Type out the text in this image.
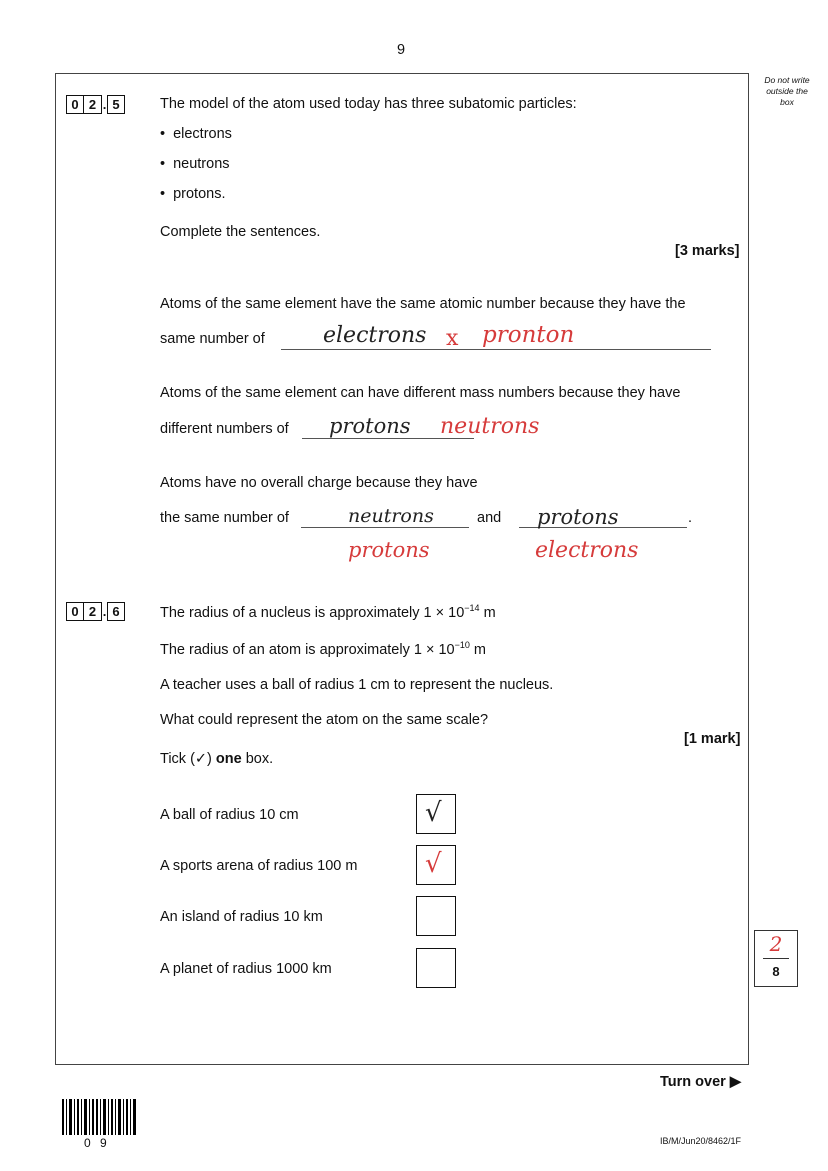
9
Do not write
outside the
box
0 2 . 5	The model of the atom used today has three subatomic particles:
• electrons
• neutrons
• protons.
Complete the sentences.
[3 marks]
Atoms of the same element have the same atomic number because they have the
same number of	electrons x pronton
Atoms of the same element can have different mass numbers because they have
different numbers of protons neutrons
Atoms have no overall charge because they have
the same number of	neutrons	and protons	.
protons	electrons
0 2 . 6	The radius of a nucleus is approximately $1 \times 10^{-14}$ m
The radius of an atom is approximately $1 \times 10^{-10}$ m
A teacher uses a ball of radius 1 cm to represent the nucleus.
What could represent the atom on the same scale?
[1 mark]
Tick (✓) one box.
A ball of radius 10 cm	√
A sports arena of radius 100 m	√
An island of radius 10 km
A planet of radius 1000 km
2
8
Turn over ▶
0 9	IB/M/Jun20/8462/1F
